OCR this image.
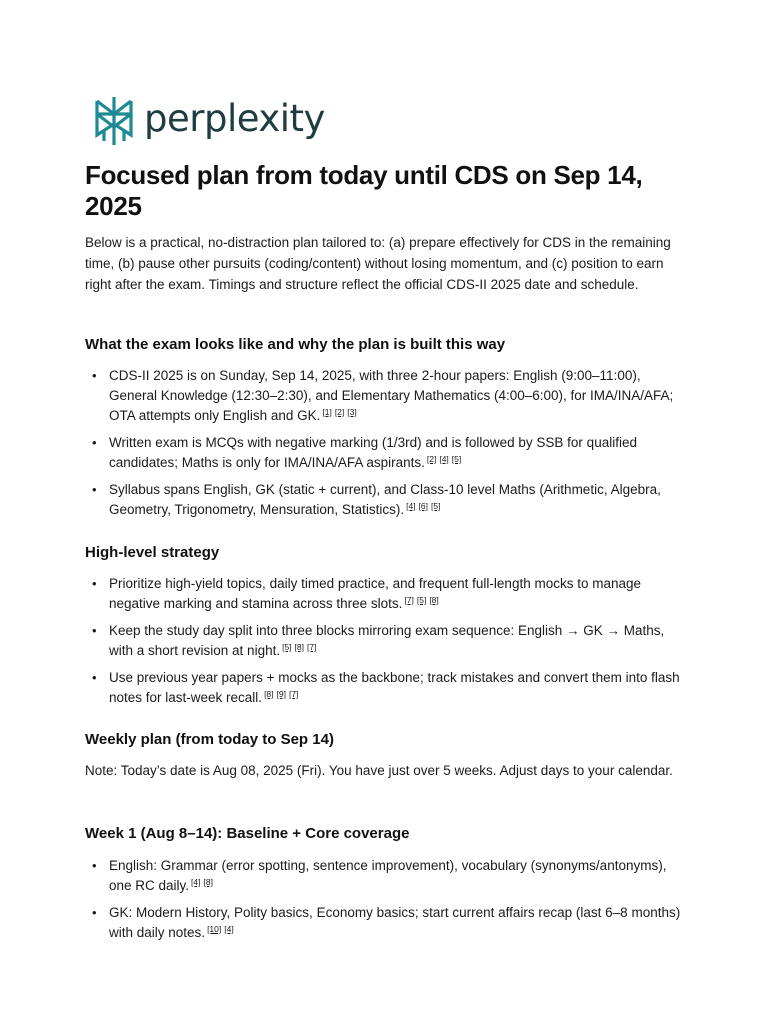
perplexity
Focused plan from today until CDS on Sep 14, 2025

Below is a practical, no-distraction plan tailored to: (a) prepare effectively for CDS in the remaining time, (b) pause other pursuits (coding/content) without losing momentum, and (c) position to earn right after the exam. Timings and structure reflect the official CDS-II 2025 date and schedule.

What the exam looks like and why the plan is built this way
• CDS-II 2025 is on Sunday, Sep 14, 2025, with three 2-hour papers: English (9:00–11:00), General Knowledge (12:30–2:30), and Elementary Mathematics (4:00–6:00), for IMA/INA/AFA; OTA attempts only English and GK. [1] [2] [3]
• Written exam is MCQs with negative marking (1/3rd) and is followed by SSB for qualified candidates; Maths is only for IMA/INA/AFA aspirants. [2] [4] [5]
• Syllabus spans English, GK (static + current), and Class-10 level Maths (Arithmetic, Algebra, Geometry, Trigonometry, Mensuration, Statistics). [4] [6] [5]
High-level strategy
• Prioritize high-yield topics, daily timed practice, and frequent full-length mocks to manage negative marking and stamina across three slots. [7] [5] [8]
• Keep the study day split into three blocks mirroring exam sequence: English → GK → Maths, with a short revision at night. [5] [8] [7]
• Use previous year papers + mocks as the backbone; track mistakes and convert them into flash notes for last-week recall. [8] [9] [7]
Weekly plan (from today to Sep 14)

Note: Today’s date is Aug 08, 2025 (Fri). You have just over 5 weeks. Adjust days to your calendar.

Week 1 (Aug 8–14): Baseline + Core coverage
• English: Grammar (error spotting, sentence improvement), vocabulary (synonyms/antonyms), one RC daily. [4] [8]
• GK: Modern History, Polity basics, Economy basics; start current affairs recap (last 6–8 months) with daily notes. [10] [4]
